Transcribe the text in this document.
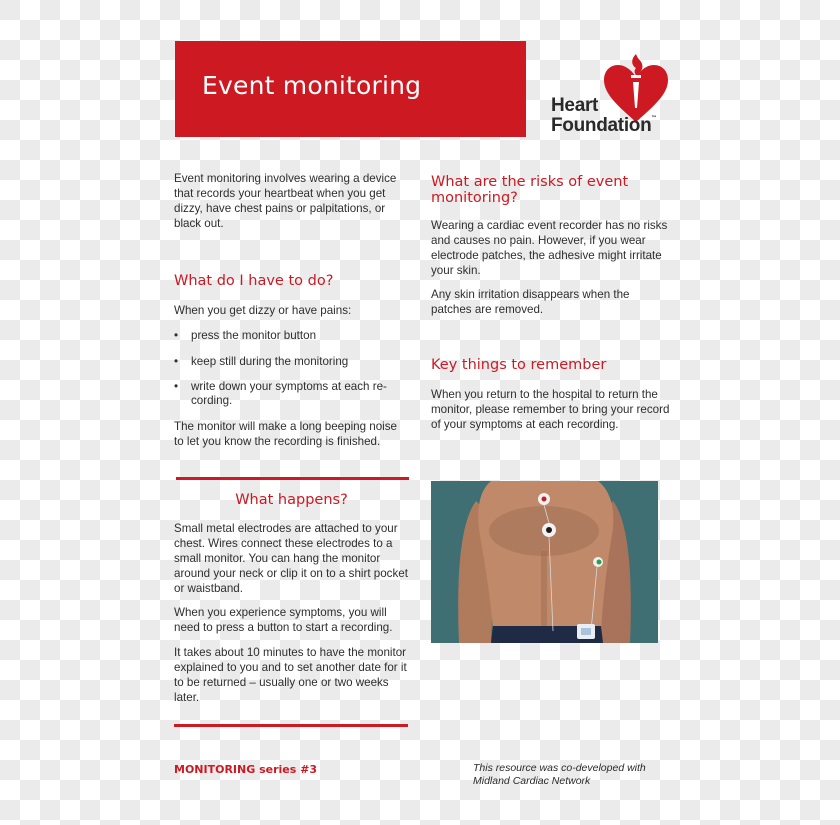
Event monitoring
Heart
Foundation™
Event monitoring involves wearing a device that records your heartbeat when you get dizzy, have chest pains or palpitations, or black out.
What do I have to do?
When you get dizzy or have pains:
• press the monitor button
• keep still during the monitoring
• write down your symptoms at each re-
cording.
The monitor will make a long beeping noise to let you know the recording is finished.
What happens?
Small metal electrodes are attached to your chest. Wires connect these electrodes to a small monitor. You can hang the monitor around your neck or clip it on to a shirt pocket or waistband.
When you experience symptoms, you will need to press a button to start a recording.
It takes about 10 minutes to have the monitor explained to you and to set another date for it to be returned – usually one or two weeks later.
What are the risks of event monitoring?
Wearing a cardiac event recorder has no risks and causes no pain. However, if you wear electrode patches, the adhesive might irritate your skin.
Any skin irritation disappears when the patches are removed.
Key things to remember
When you return to the hospital to return the monitor, please remember to bring your record of your symptoms at each recording.
MONITORING series #3	This resource was co-developed with
Midland Cardiac Network
